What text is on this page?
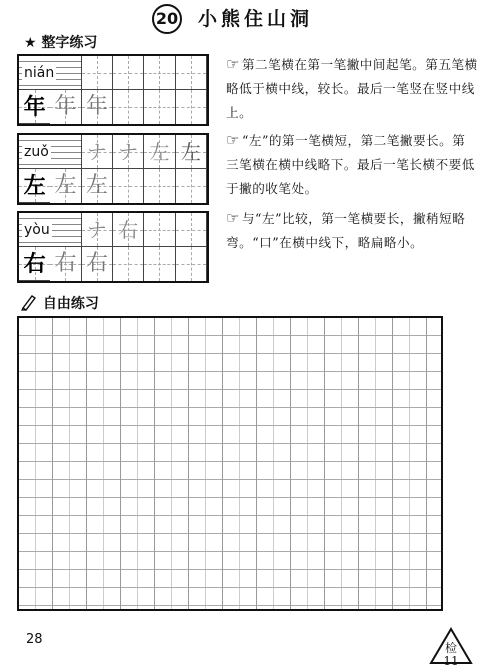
20 小熊住山洞
★ 整字练习
nián
年 年 年
zuǒ ナ ナ 左 左
左 左 左
yòu ナ 右
右 右 右
☞ 第二笔横在第一笔撇中间起笔。第五笔横略低于横中线，较长。最后一笔竖在竖中线上。
☞ “左”的第一笔横短，第二笔撇要长。第三笔横在横中线略下。最后一笔长横不要低于撇的收笔处。
☞ 与“左”比较，第一笔横要长，撇稍短略弯。“口”在横中线下，略扁略小。
自由练习
28
检
11
